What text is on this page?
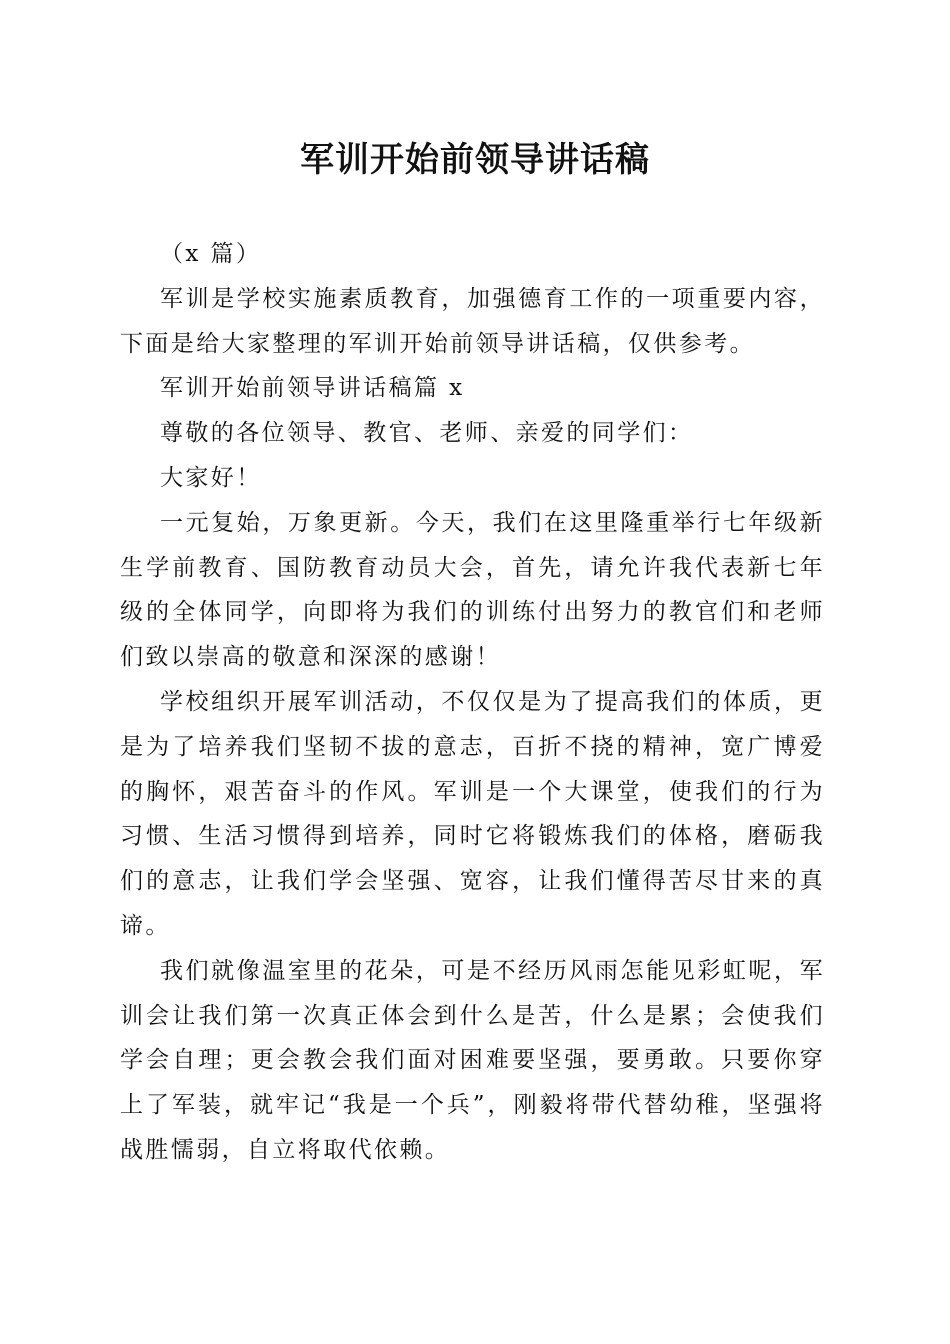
军训开始前领导讲话稿

（x 篇）

军训是学校实施素质教育，加强德育工作的一项重要内容，下面是给大家整理的军训开始前领导讲话稿，仅供参考。

军训开始前领导讲话稿篇 x

尊敬的各位领导、教官、老师、亲爱的同学们：

大家好！

一元复始，万象更新。今天，我们在这里隆重举行七年级新生学前教育、国防教育动员大会，首先，请允许我代表新七年级的全体同学，向即将为我们的训练付出努力的教官们和老师们致以崇高的敬意和深深的感谢！

学校组织开展军训活动，不仅仅是为了提高我们的体质，更是为了培养我们坚韧不拔的意志，百折不挠的精神，宽广博爱的胸怀，艰苦奋斗的作风。军训是一个大课堂，使我们的行为习惯、生活习惯得到培养，同时它将锻炼我们的体格，磨砺我们的意志，让我们学会坚强、宽容，让我们懂得苦尽甘来的真谛。

我们就像温室里的花朵，可是不经历风雨怎能见彩虹呢，军训会让我们第一次真正体会到什么是苦，什么是累；会使我们学会自理；更会教会我们面对困难要坚强，要勇敢。只要你穿上了军装，就牢记“我是一个兵”，刚毅将带代替幼稚，坚强将战胜懦弱，自立将取代依赖。
